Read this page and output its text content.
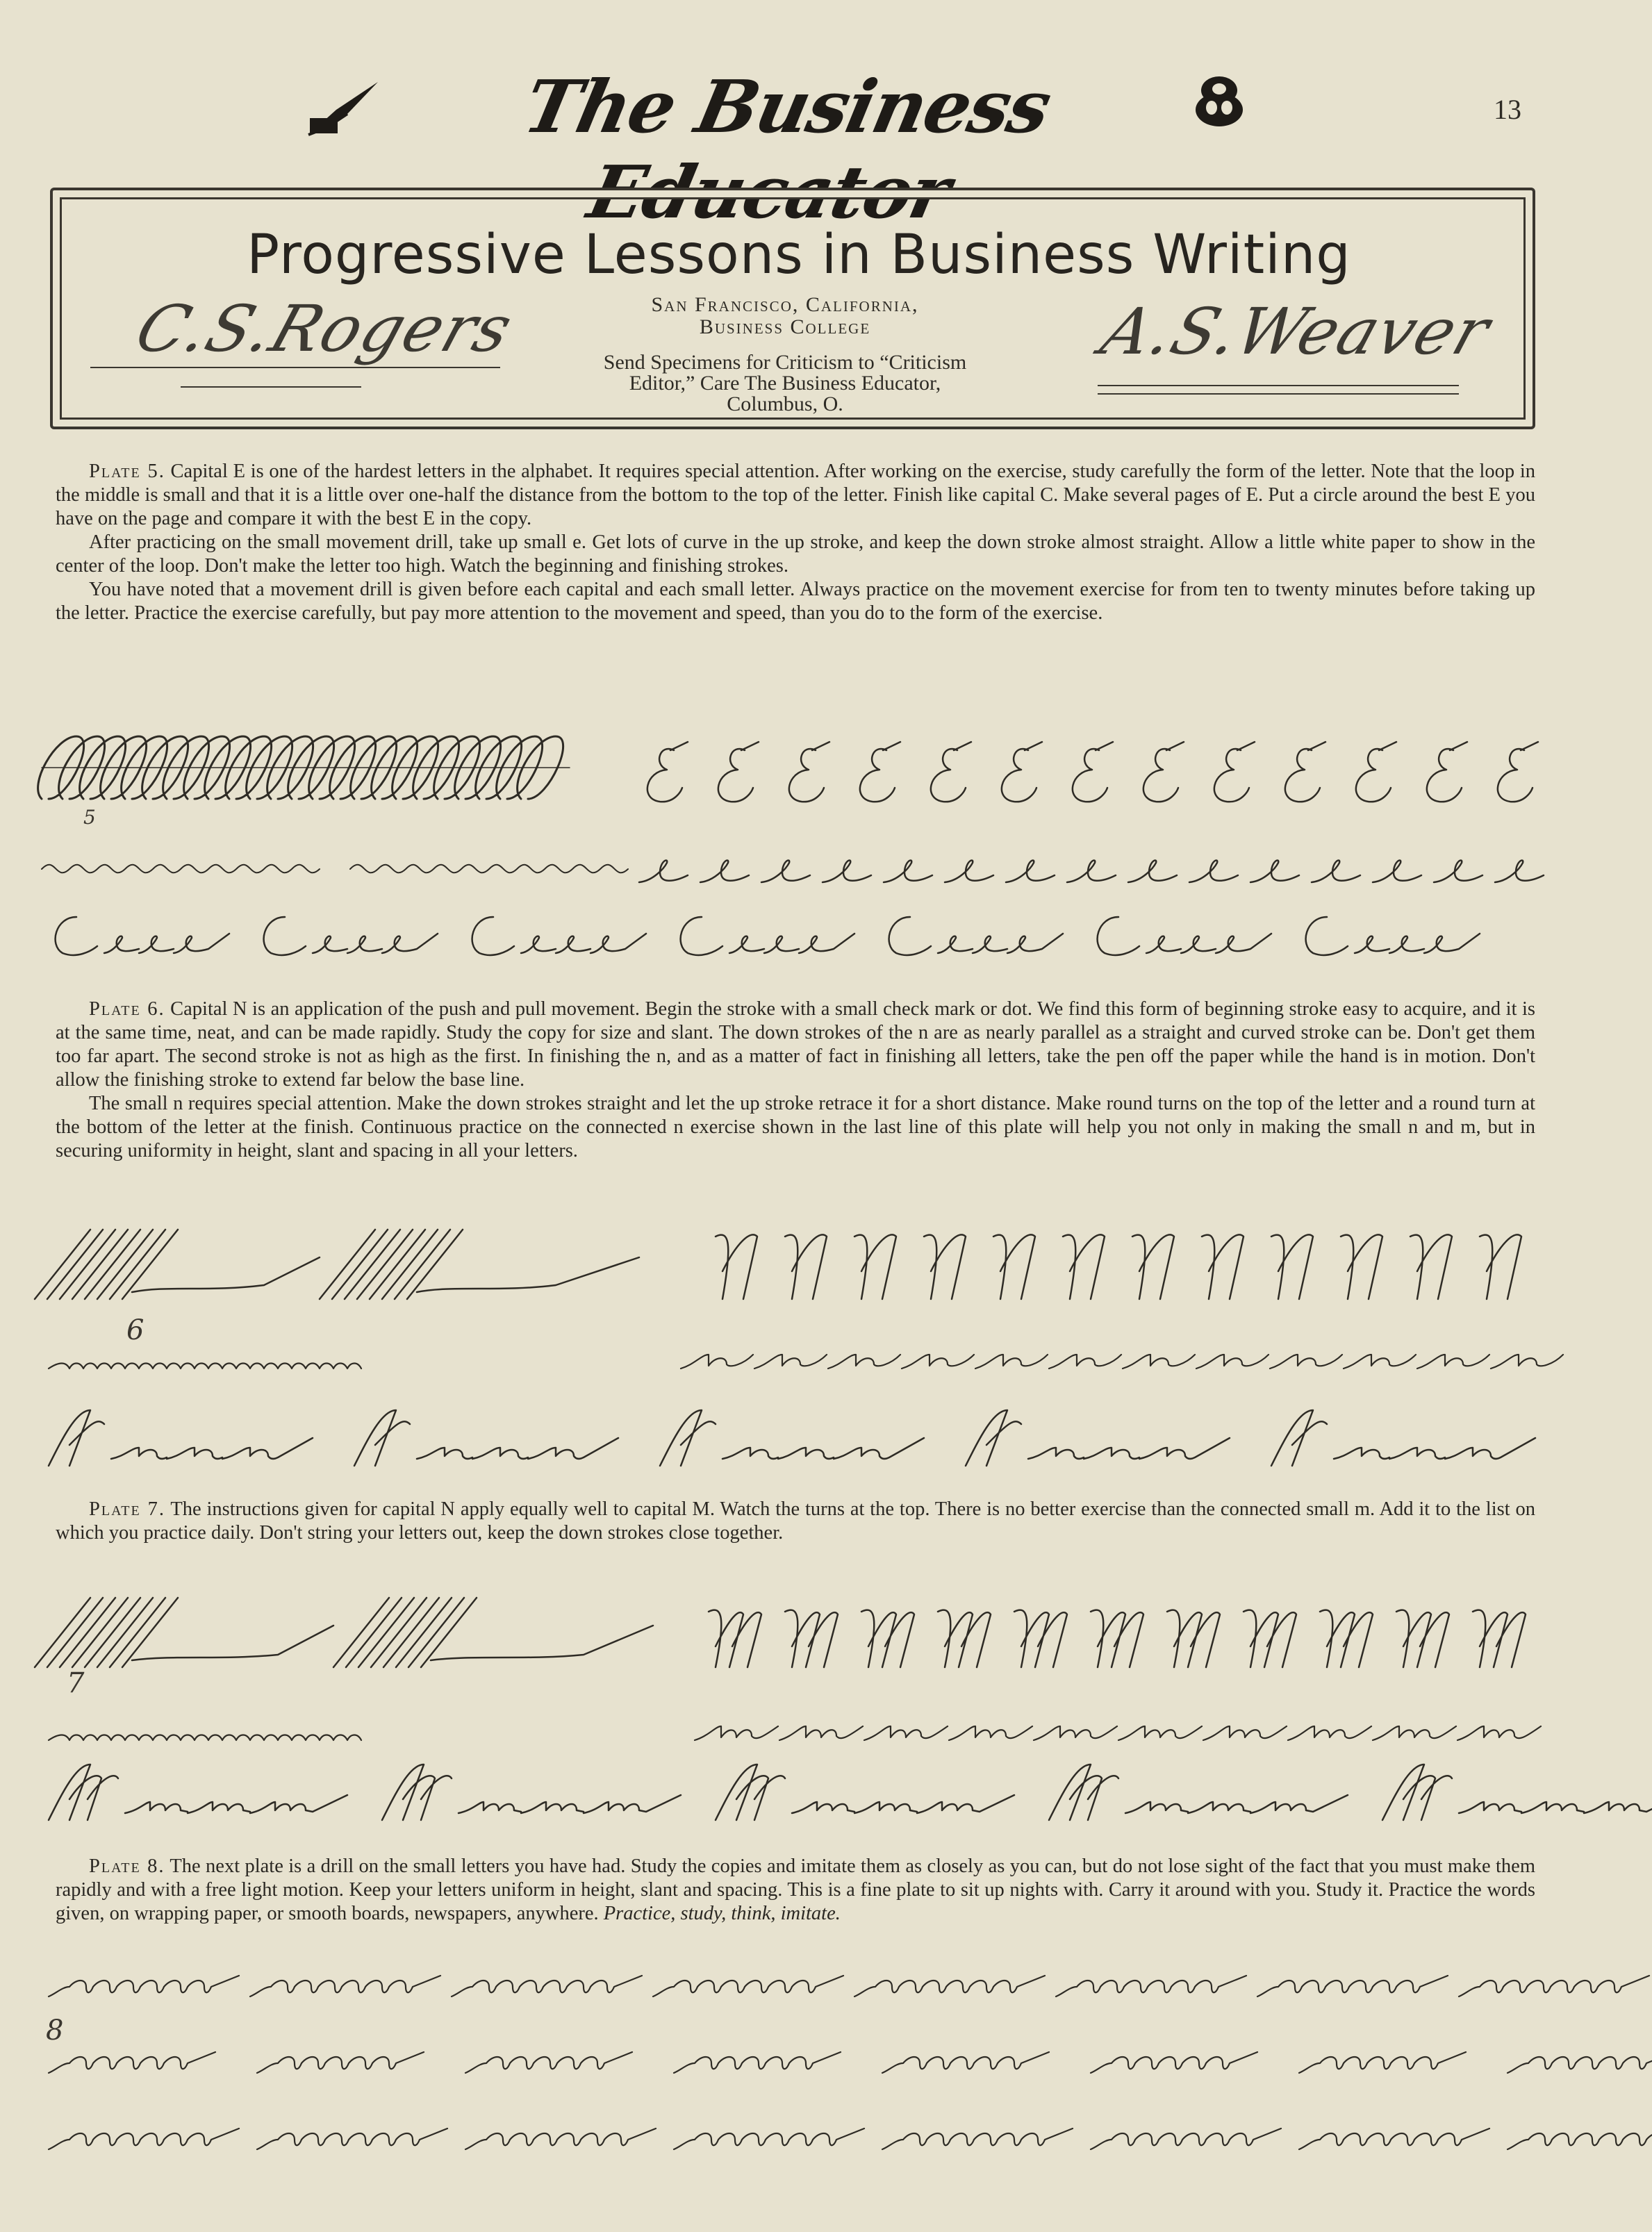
The Business Educator
13
Progressive Lessons in Business Writing
C.S.Rogers	San Francisco, California,
Business College
Send Specimens for Criticism to “Criticism
Editor,” Care The Business Educator,
Columbus, O.
A.S.Weaver

Plate 5. Capital E is one of the hardest letters in the alphabet. It requires special attention. After working on the exercise, study carefully the form of the letter. Note that the loop in the middle is small and that it is a little over one-half the distance from the bottom to the top of the letter. Finish like capital C. Make several pages of E. Put a circle around the best E you have on the page and compare it with the best E in the copy.

After practicing on the small movement drill, take up small e. Get lots of curve in the up stroke, and keep the down stroke almost straight. Allow a little white paper to show in the center of the loop. Don't make the letter too high. Watch the beginning and finishing strokes.

You have noted that a movement drill is given before each capital and each small letter. Always practice on the movement exercise for from ten to twenty minutes before taking up the letter. Practice the exercise carefully, but pay more attention to the movement and speed, than you do to the form of the exercise.

5

Plate 6. Capital N is an application of the push and pull movement. Begin the stroke with a small check mark or dot. We find this form of beginning stroke easy to acquire, and it is at the same time, neat, and can be made rapidly. Study the copy for size and slant. The down strokes of the n are as nearly parallel as a straight and curved stroke can be. Don't get them too far apart. The second stroke is not as high as the first. In finishing the n, and as a matter of fact in finishing all letters, take the pen off the paper while the hand is in motion. Don't allow the finishing stroke to extend far below the base line.

The small n requires special attention. Make the down strokes straight and let the up stroke retrace it for a short distance. Make round turns on the top of the letter and a round turn at the bottom of the letter at the finish. Continuous practice on the connected n exercise shown in the last line of this plate will help you not only in making the small n and m, but in securing uniformity in height, slant and spacing in all your letters.

6

Plate 7. The instructions given for capital N apply equally well to capital M. Watch the turns at the top. There is no better exercise than the connected small m. Add it to the list on which you practice daily. Don't string your letters out, keep the down strokes close together.

7

Plate 8. The next plate is a drill on the small letters you have had. Study the copies and imitate them as closely as you can, but do not lose sight of the fact that you must make them rapidly and with a free light motion. Keep your letters uniform in height, slant and spacing. This is a fine plate to sit up nights with. Carry it around with you. Study it. Practice the words given, on wrapping paper, or smooth boards, newspapers, anywhere. Practice, study, think, imitate.

8
